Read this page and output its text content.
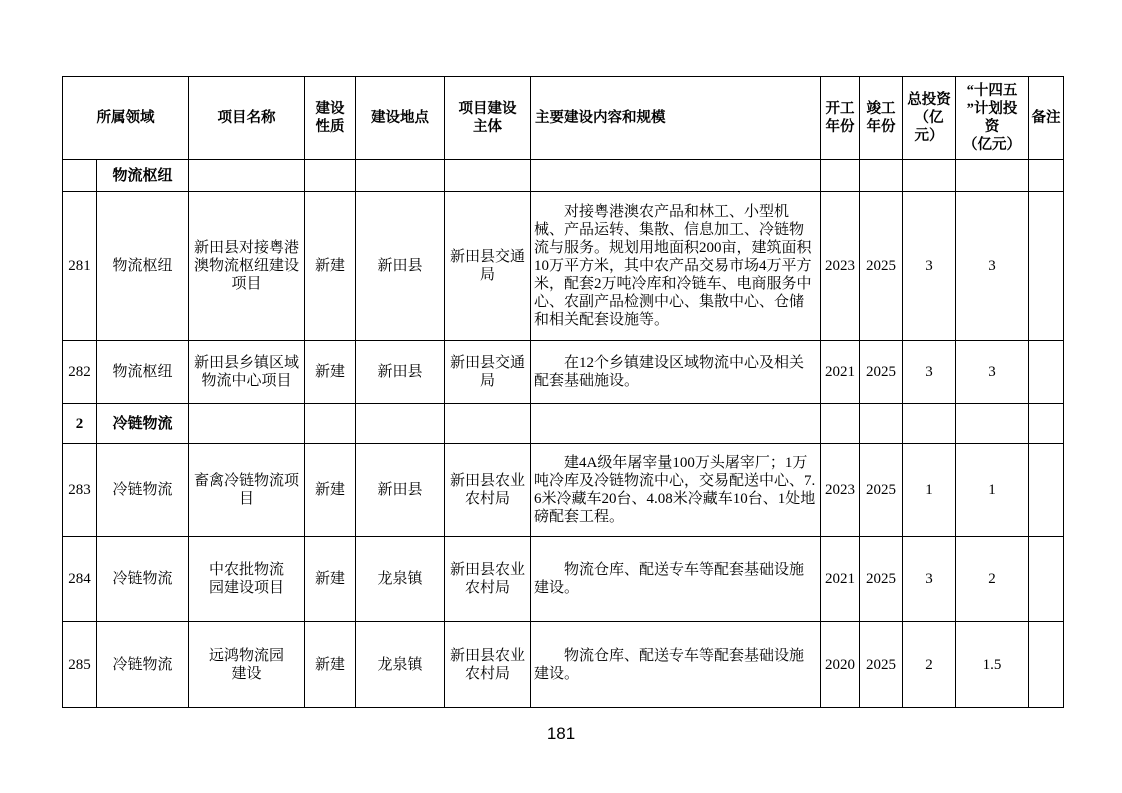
所属领域		项目名称	建设
性质	建设地点	项目建设
主体	主要建设内容和规模	开工
年份	竣工
年份	总投资
（亿
元）	“十四五
”计划投
资
（亿元）	备注
	物流枢纽										
281	物流枢纽	新田县对接粤港
澳物流枢纽建设
项目	新建	新田县	新田县交通
局	对接粤港澳农产品和林工、小型机械、产品运转、集散、信息加工、冷链物流与服务。规划用地面积200亩，建筑面积10万平方米，其中农产品交易市场4万平方米，配套2万吨冷库和冷链车、电商服务中心、农副产品检测中心、集散中心、仓储和相关配套设施等。	2023	2025	3	3	
282	物流枢纽	新田县乡镇区域
物流中心项目	新建	新田县	新田县交通
局	在12个乡镇建设区域物流中心及相关配套基础施设。	2021	2025	3	3	
2	冷链物流										
283	冷链物流	畜禽冷链物流项
目	新建	新田县	新田县农业
农村局	建4A级年屠宰量100万头屠宰厂；1万吨冷库及冷链物流中心，交易配送中心、7.6米冷藏车20台、4.08米冷藏车10台、1处地磅配套工程。	2023	2025	1	1	
284	冷链物流	中农批物流
园建设项目	新建	龙泉镇	新田县农业
农村局	物流仓库、配送专车等配套基础设施建设。	2021	2025	3	2	
285	冷链物流	远鸿物流园
建设	新建	龙泉镇	新田县农业
农村局	物流仓库、配送专车等配套基础设施建设。	2020	2025	2	1.5	
181
